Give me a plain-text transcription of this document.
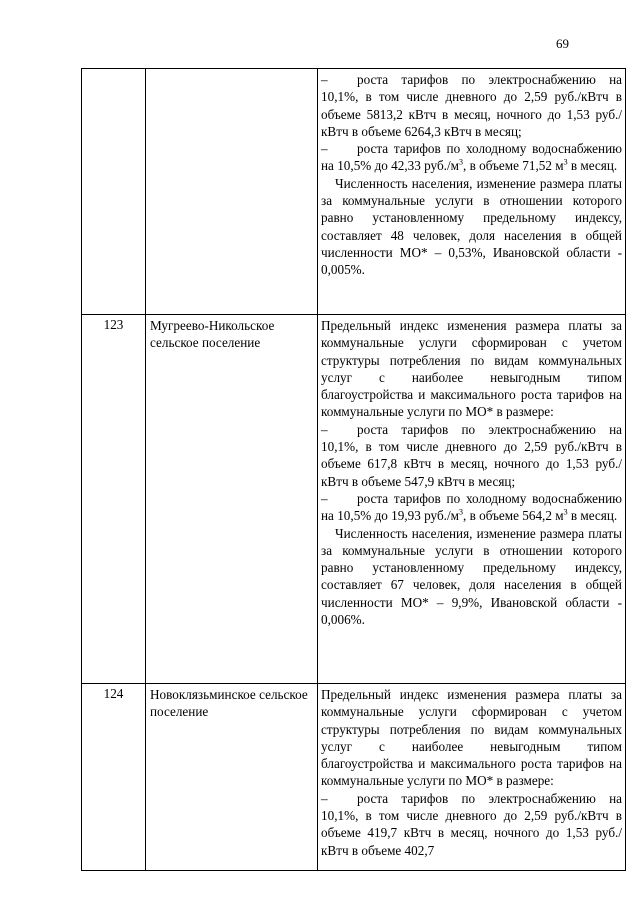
69

		– роста тарифов по электроснабжению на 10,1%, в том числе дневного до 2,59 руб./кВтч в объеме 5813,2 кВтч в месяц, ночного до 1,53 руб./кВтч в объеме 6264,3 кВтч в месяц;

– роста тарифов по холодному водоснабжению на 10,5% до 42,33 $руб./м^3$, в объеме 71,52 $м^3$ в месяц.

Численность населения, изменение размера платы за коммунальные услуги в отношении которого равно установленному предельному индексу, составляет 48 человек, доля населения в общей численности МО* – 0,53%, Ивановской области - 0,005%.

123	Мугреево-Никольское сельское поселение	Предельный индекс изменения размера платы за коммунальные услуги сформирован с учетом структуры потребления по видам коммунальных услуг с наиболее невыгодным типом благоустройства и максимального роста тарифов на коммунальные услуги по МО* в размере:

– роста тарифов по электроснабжению на 10,1%, в том числе дневного до 2,59 руб./кВтч в объеме 617,8 кВтч в месяц, ночного до 1,53 руб./кВтч в объеме 547,9 кВтч в месяц;

– роста тарифов по холодному водоснабжению на 10,5% до 19,93 $руб./м^3$, в объеме 564,2 $м^3$ в месяц.

Численность населения, изменение размера платы за коммунальные услуги в отношении которого равно установленному предельному индексу, составляет 67 человек, доля населения в общей численности МО* – 9,9%, Ивановской области - 0,006%.

124	Новоклязьминское сельское поселение	Предельный индекс изменения размера платы за коммунальные услуги сформирован с учетом структуры потребления по видам коммунальных услуг с наиболее невыгодным типом благоустройства и максимального роста тарифов на коммунальные услуги по МО* в размере:

– роста тарифов по электроснабжению на 10,1%, в том числе дневного до 2,59 руб./кВтч в объеме 419,7 кВтч в месяц, ночного до 1,53 руб./кВтч в объеме 402,7
